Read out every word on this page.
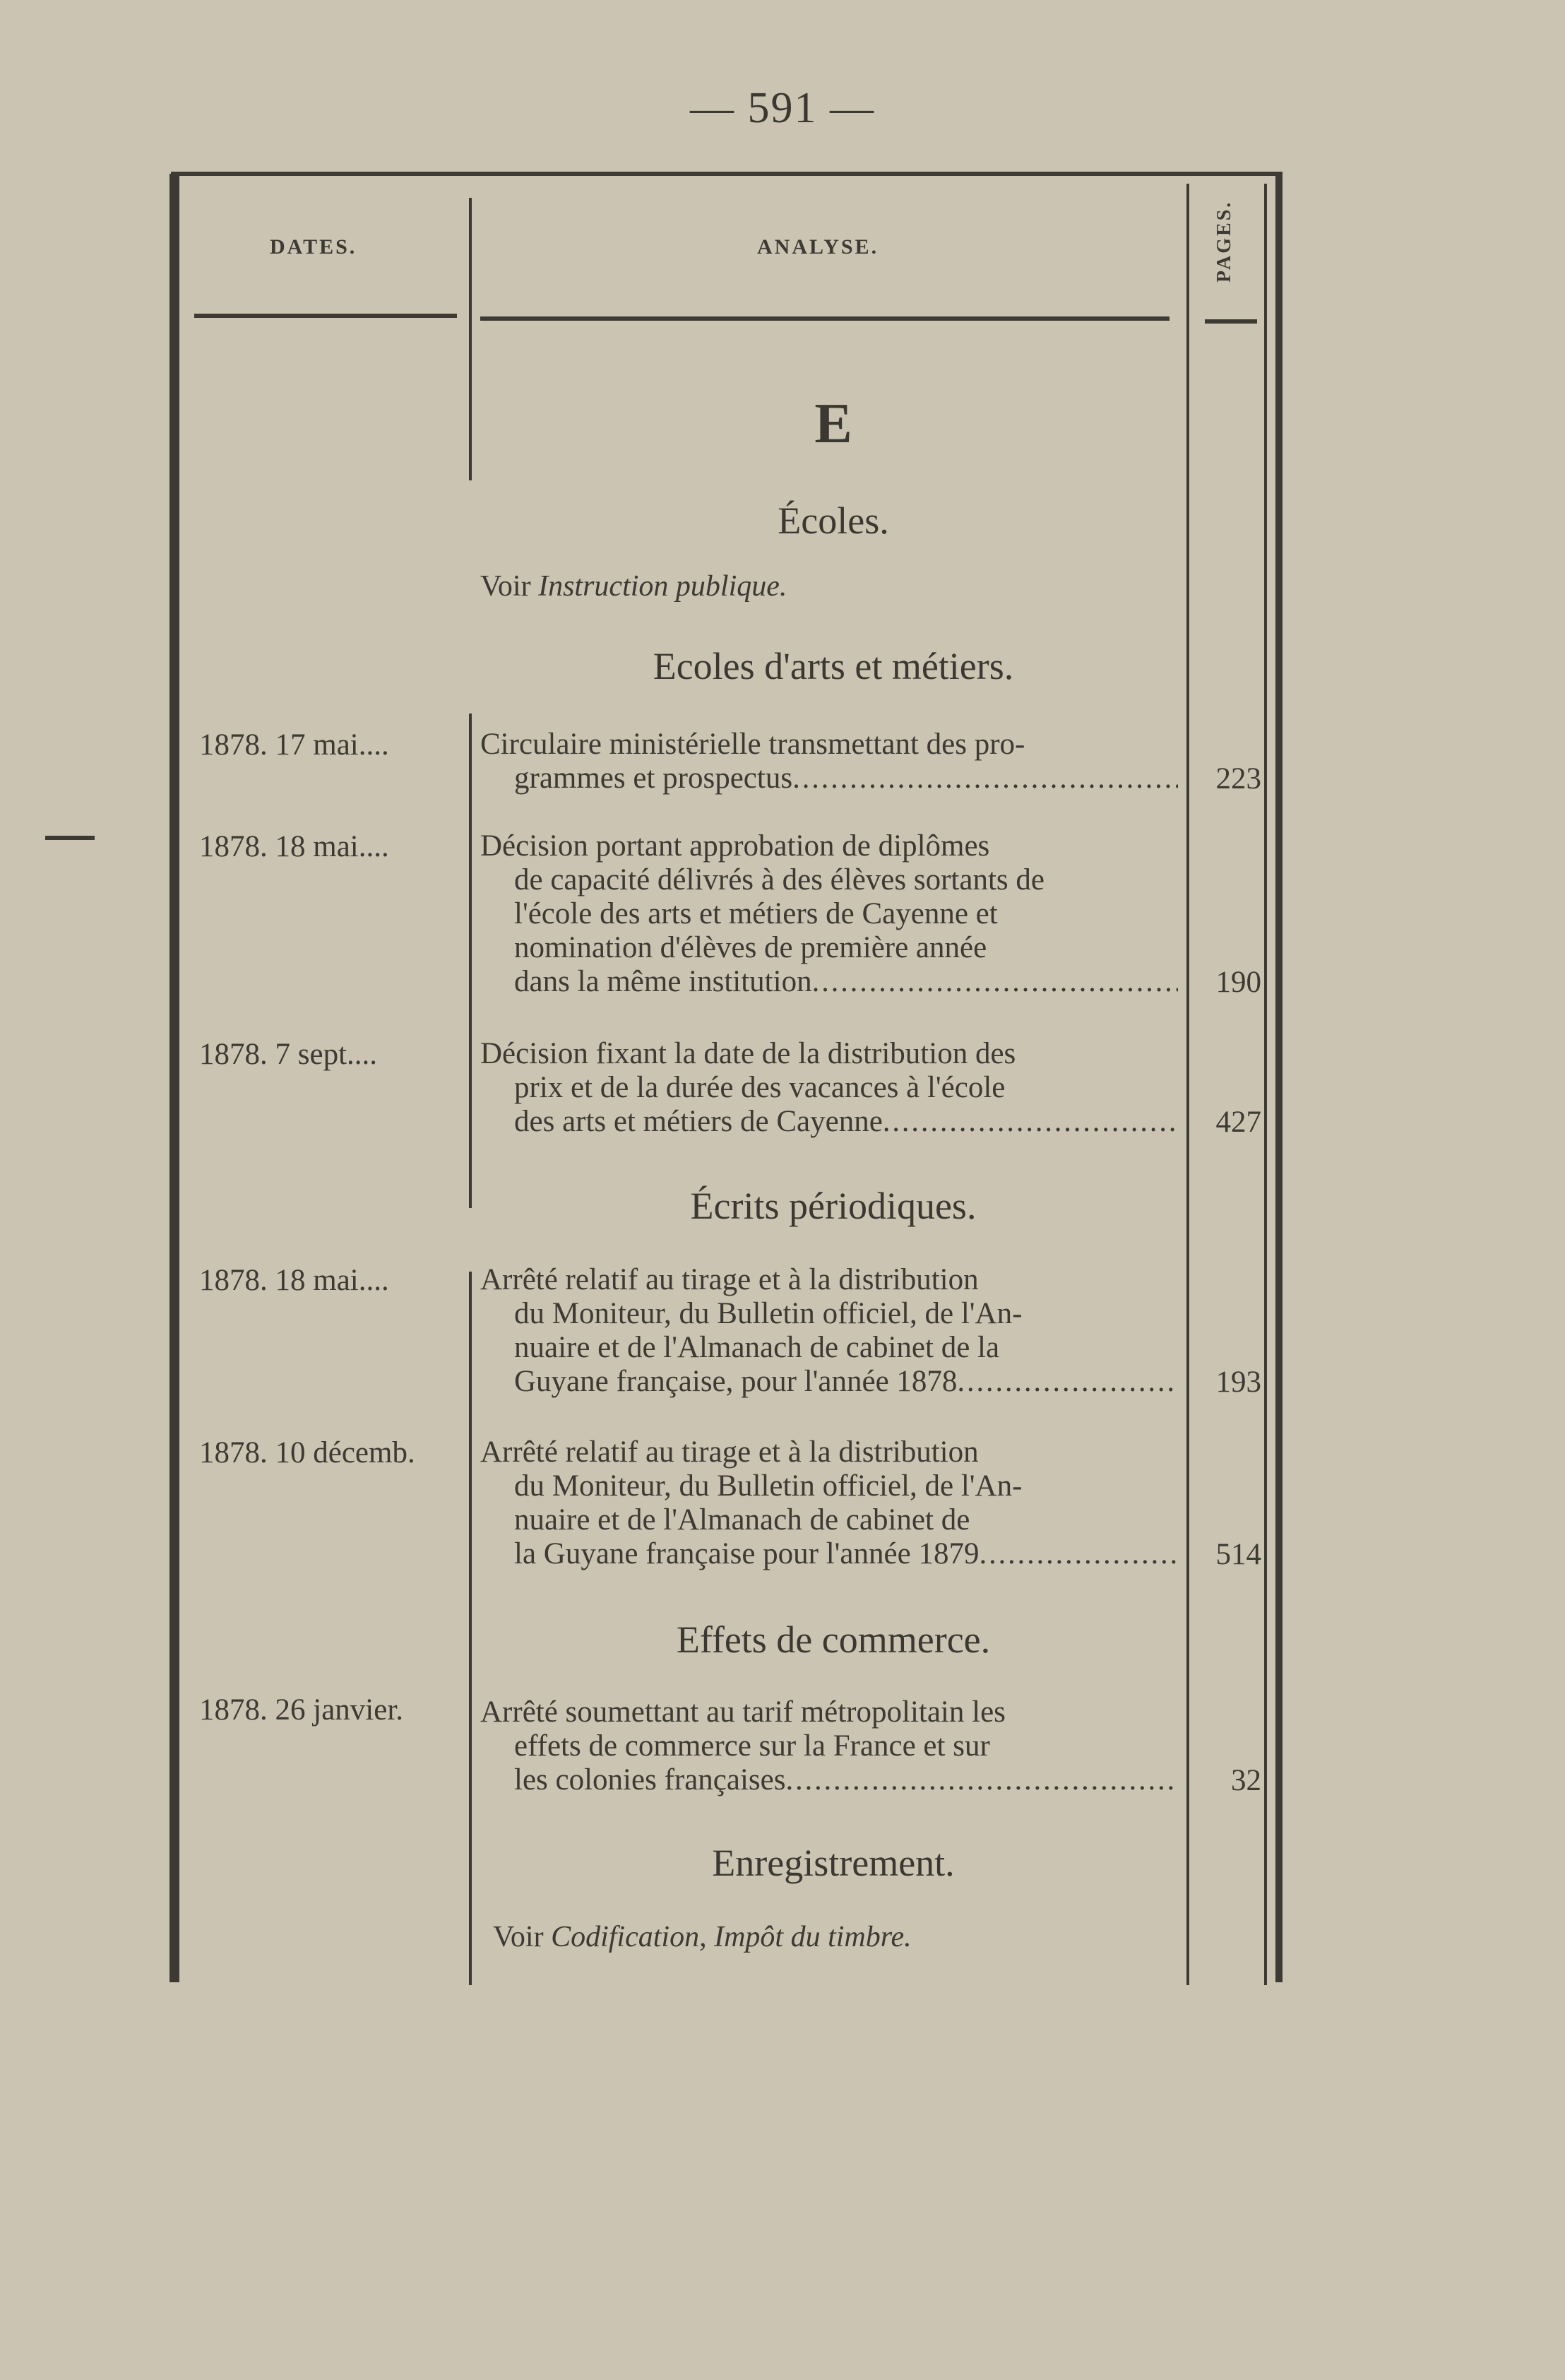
— 591 —
DATES.	ANALYSE.	PAGES.
E
Écoles.
Voir Instruction publique.
Ecoles d'arts et métiers.
1878. 17 mai....	Circulaire ministérielle transmettant des pro-
grammes et prospectus . . .	223
1878. 18 mai....	Décision portant approbation de diplômes
de capacité délivrés à des élèves sortants de
l'école des arts et métiers de Cayenne et
nomination d'élèves de première année
dans la même institution . . .	190
1878. 7 sept....	Décision fixant la date de la distribution des
prix et de la durée des vacances à l'école
des arts et métiers de Cayenne . . .	427
Écrits périodiques.
1878. 18 mai....	Arrêté relatif au tirage et à la distribution
du Moniteur, du Bulletin officiel, de l'An-
nuaire et de l'Almanach de cabinet de la
Guyane française, pour l'année 1878 . . .	193
1878. 10 décemb. Arrêté relatif au tirage et à la distribution
du Moniteur, du Bulletin officiel, de l'An-
nuaire et de l'Almanach de cabinet de
la Guyane française pour l'année 1879 . . .	514
Effets de commerce.
1878. 26 janvier.	Arrêté soumettant au tarif métropolitain les
effets de commerce sur la France et sur
les colonies françaises . . .	32
Enregistrement.
Voir Codification, Impôt du timbre.
